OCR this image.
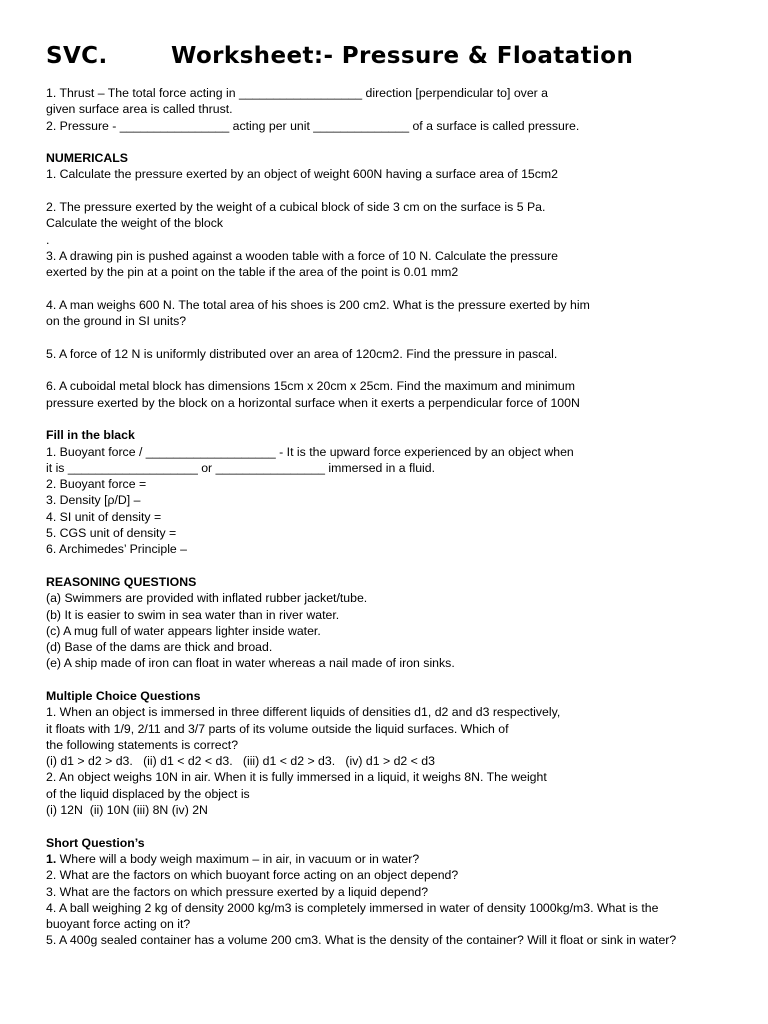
SVC.	Worksheet:- Pressure & Floatation

1. Thrust – The total force acting in __________________ direction [perpendicular to] over a

given surface area is called thrust.

2. Pressure - ________________ acting per unit ______________ of a surface is called pressure.

NUMERICALS

1. Calculate the pressure exerted by an object of weight 600N having a surface area of 15cm2

2. The pressure exerted by the weight of a cubical block of side 3 cm on the surface is 5 Pa.

Calculate the weight of the block

.

3. A drawing pin is pushed against a wooden table with a force of 10 N. Calculate the pressure

exerted by the pin at a point on the table if the area of the point is 0.01 mm2

4. A man weighs 600 N. The total area of his shoes is 200 cm2. What is the pressure exerted by him

on the ground in SI units?

5. A force of 12 N is uniformly distributed over an area of 120cm2. Find the pressure in pascal.

6. A cuboidal metal block has dimensions 15cm x 20cm x 25cm. Find the maximum and minimum

pressure exerted by the block on a horizontal surface when it exerts a perpendicular force of 100N

Fill in the black

1. Buoyant force / ___________________ - It is the upward force experienced by an object when

it is ___________________ or ________________ immersed in a fluid.

2. Buoyant force =

3. Density [ρ/D] –

4. SI unit of density =

5. CGS unit of density =

6. Archimedes’ Principle –

REASONING QUESTIONS

(a) Swimmers are provided with inflated rubber jacket/tube.

(b) It is easier to swim in sea water than in river water.

(c) A mug full of water appears lighter inside water.

(d) Base of the dams are thick and broad.

(e) A ship made of iron can float in water whereas a nail made of iron sinks.

Multiple Choice Questions

1. When an object is immersed in three different liquids of densities d1, d2 and d3 respectively,

it floats with 1/9, 2/11 and 3/7 parts of its volume outside the liquid surfaces. Which of

the following statements is correct?

(i) d1 > d2 > d3.   (ii) d1 < d2 < d3.   (iii) d1 < d2 > d3.   (iv) d1 > d2 < d3

2. An object weighs 10N in air. When it is fully immersed in a liquid, it weighs 8N. The weight

of the liquid displaced by the object is

(i) 12N  (ii) 10N (iii) 8N (iv) 2N

Short Question’s

1. Where will a body weigh maximum – in air, in vacuum or in water?

2. What are the factors on which buoyant force acting on an object depend?

3. What are the factors on which pressure exerted by a liquid depend?

4. A ball weighing 2 kg of density 2000 kg/m3 is completely immersed in water of density 1000kg/m3. What is the

buoyant force acting on it?

5. A 400g sealed container has a volume 200 cm3. What is the density of the container? Will it float or sink in water?
